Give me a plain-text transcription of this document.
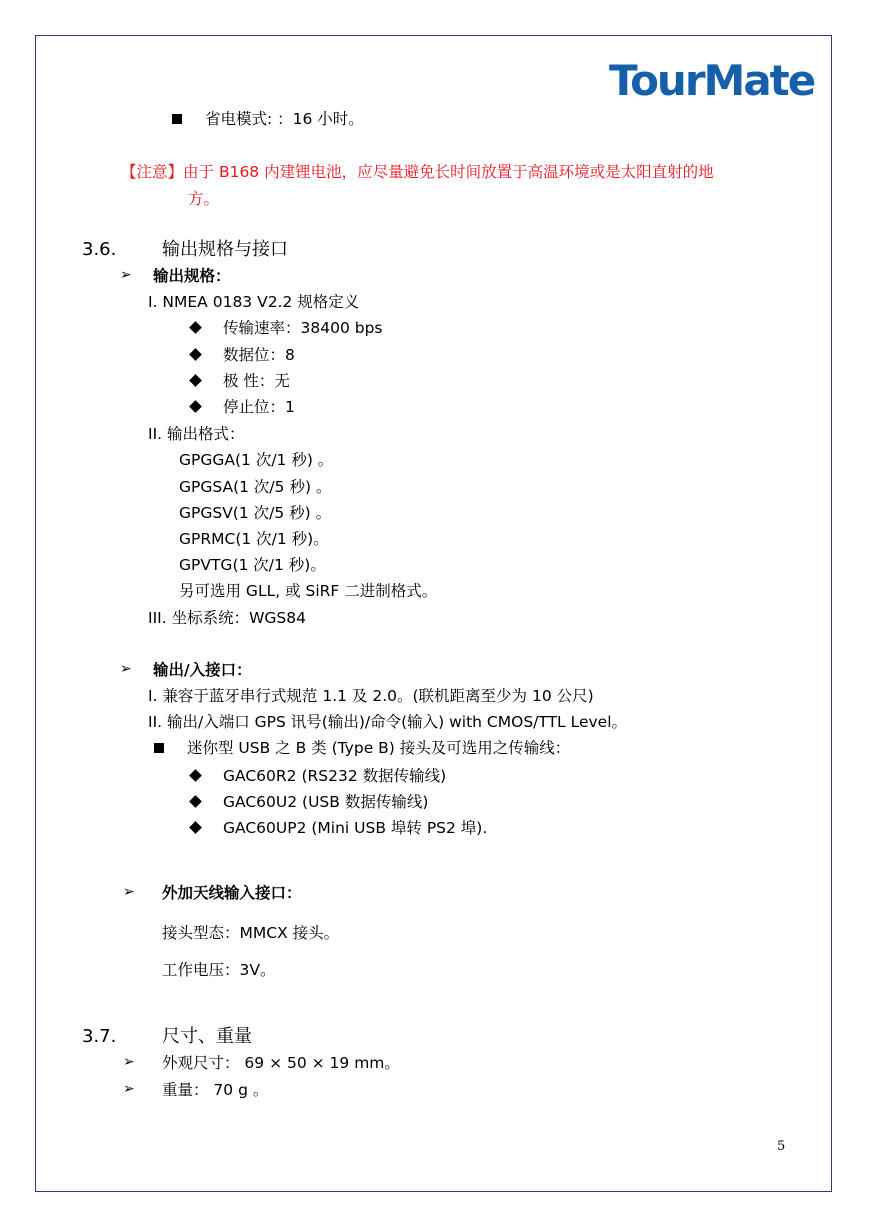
TourMate
省电模式: ：16 小时。
【注意】由于 B168 内建锂电池，应尽量避免长时间放置于高温环境或是太阳直射的地
方。
3.6.	输出规格与接口
➢ 输出规格：
I. NMEA 0183 V2.2 规格定义
传输速率：38400 bps
数据位：8
极 性：无
停止位：1
II. 输出格式：
GPGGA(1 次/1 秒) 。
GPGSA(1 次/5 秒) 。
GPGSV(1 次/5 秒) 。
GPRMC(1 次/1 秒)。
GPVTG(1 次/1 秒)。
另可选用 GLL, 或 SiRF 二进制格式。
III. 坐标系统：WGS84
➢ 输出/入接口：
I. 兼容于蓝牙串行式规范 1.1 及 2.0。(联机距离至少为 10 公尺)
II. 输出/入端口 GPS 讯号(输出)/命令(输入) with CMOS/TTL Level。
迷你型 USB 之 B 类 (Type B) 接头及可选用之传输线：
GAC60R2 (RS232 数据传输线)
GAC60U2 (USB 数据传输线)
GAC60UP2 (Mini USB 埠转 PS2 埠).
➢ 外加天线输入接口：
接头型态：MMCX 接头。
工作电压：3V。
3.7.	尺寸、重量
➢ 外观尺寸： 69 × 50 × 19 mm。
➢ 重量： 70 g 。
5
